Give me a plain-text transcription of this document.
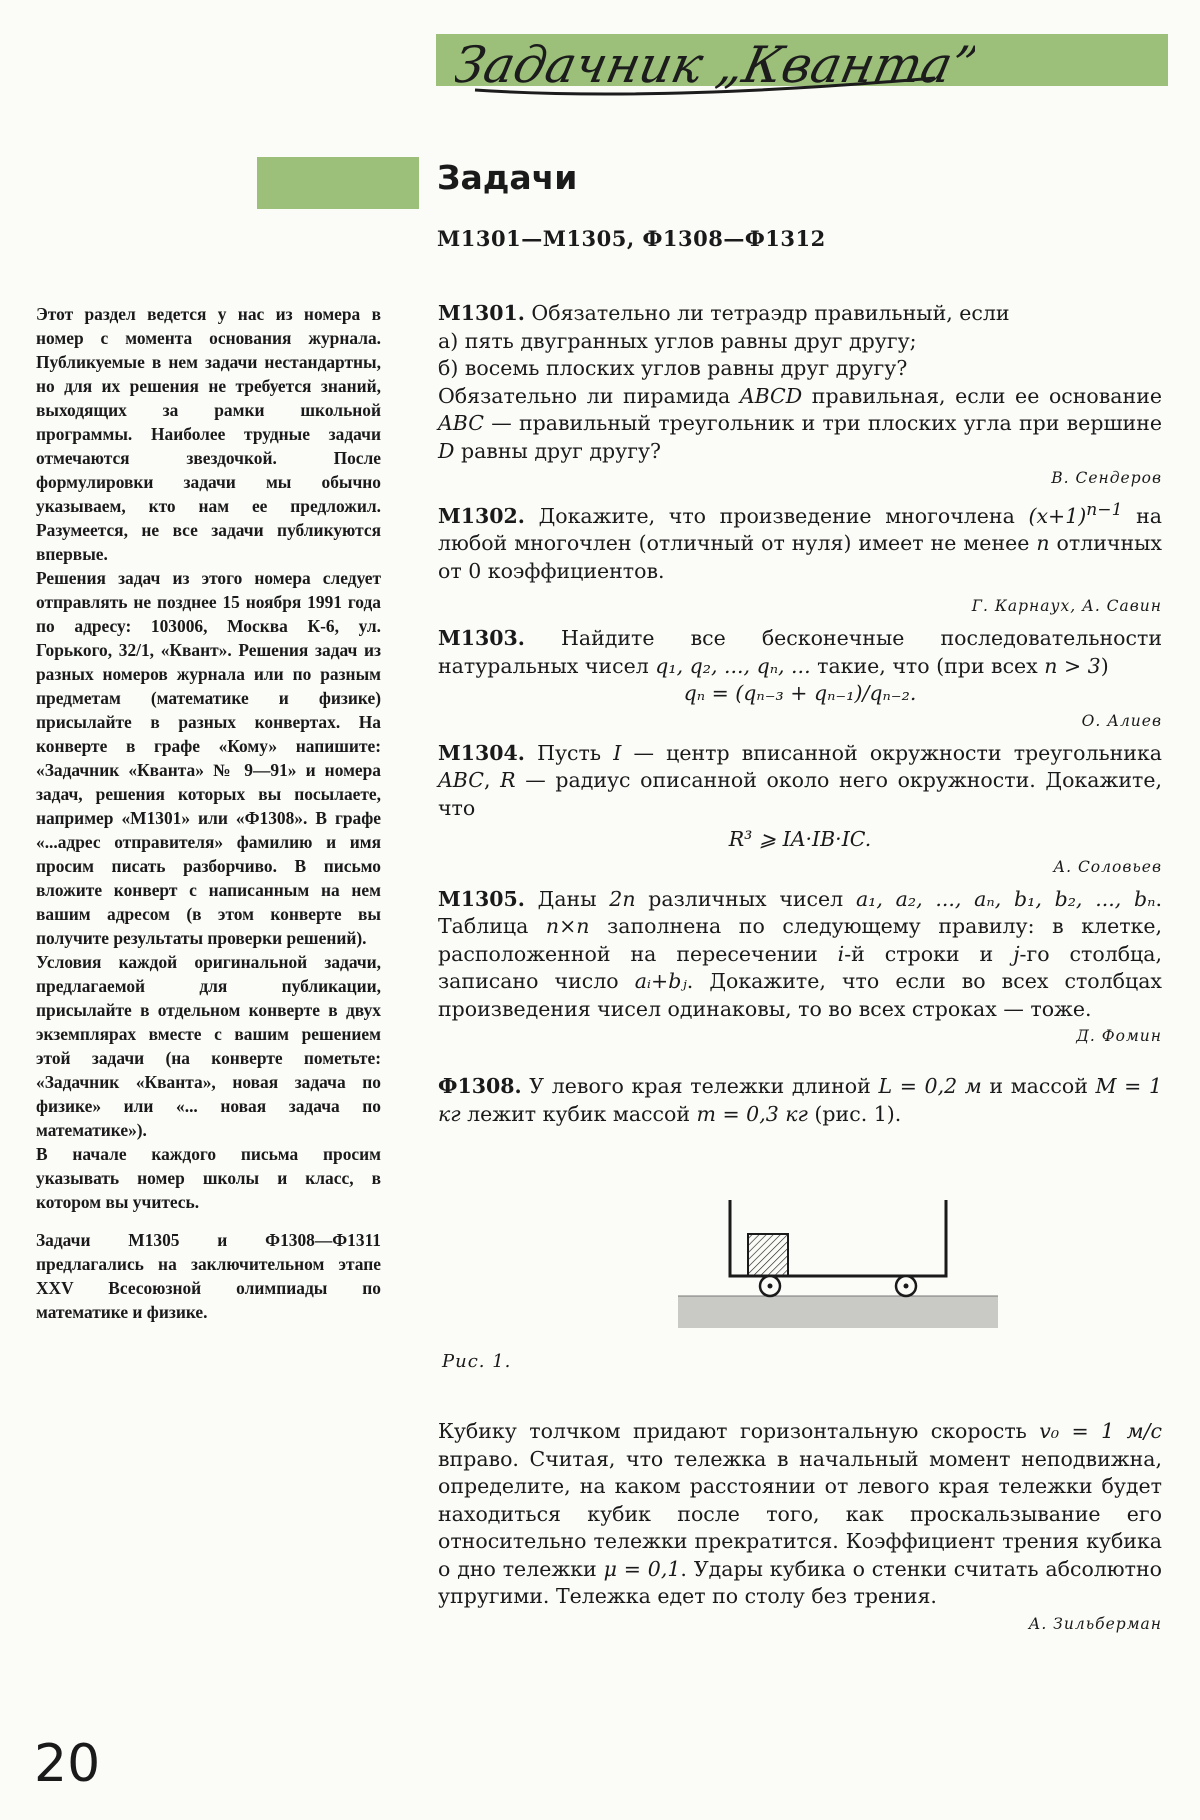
Задачник „Кванта”
Задачи
М1301—М1305, Ф1308—Ф1312

Этот раздел ведется у нас из номера в номер с момента основания журнала. Публикуемые в нем задачи нестандартны, но для их решения не требуется знаний, выходящих за рамки школьной программы. Наиболее трудные задачи отмечаются звездочкой. После формулировки задачи мы обычно указываем, кто нам ее предложил. Разумеется, не все задачи публикуются впервые.

Решения задач из этого номера следует отправлять не позднее 15 ноября 1991 года по адресу: 103006, Москва К-6, ул. Горького, 32/1, «Квант». Решения задач из разных номеров журнала или по разным предметам (математике и физике) присылайте в разных конвертах. На конверте в графе «Кому» напишите: «Задачник «Кванта» № 9—91» и номера задач, решения которых вы посылаете, например «М1301» или «Ф1308». В графе «...адрес отправителя» фамилию и имя просим писать разборчиво. В письмо вложите конверт с написанным на нем вашим адресом (в этом конверте вы получите результаты проверки решений).

Условия каждой оригинальной задачи, предлагаемой для публикации, присылайте в отдельном конверте в двух экземплярах вместе с вашим решением этой задачи (на конверте пометьте: «Задачник «Кванта», новая задача по физике» или «... новая задача по математике»).

В начале каждого письма просим указывать номер школы и класс, в котором вы учитесь.

Задачи М1305 и Ф1308—Ф1311 предлагались на заключительном этапе XXV Всесоюзной олимпиады по математике и физике.

М1301. Обязательно ли тетраэдр правильный, если

а) пять двугранных углов равны друг другу;

б) восемь плоских углов равны друг другу?

Обязательно ли пирамида ABCD правильная, если ее основание ABC — правильный треугольник и три плоских угла при вершине D равны друг другу?

В. Сендеров

М1302. Докажите, что произведение многочлена $(x+1)^{n-1}$ на любой многочлен (отличный от нуля) имеет не менее n отличных от 0 коэффициентов.

Г. Карнаух, А. Савин

М1303. Найдите все бесконечные последовательности натуральных чисел q₁, q₂, ..., qₙ, ... такие, что (при всех n > 3)

qₙ = (qₙ₋₃ + qₙ₋₁)/qₙ₋₂.

О. Алиев

М1304. Пусть I — центр вписанной окружности треугольника ABC, R — радиус описанной около него окружности. Докажите, что

R³ ⩾ IA·IB·IC.

А. Соловьев

М1305. Даны 2n различных чисел a₁, a₂, ..., aₙ, b₁, b₂, ..., bₙ. Таблица n×n заполнена по следующему правилу: в клетке, расположенной на пересечении i-й строки и j-го столбца, записано число aᵢ+bⱼ. Докажите, что если во всех столбцах произведения чисел одинаковы, то во всех строках — тоже.

Д. Фомин

Ф1308. У левого края тележки длиной L = 0,2 м и массой M = 1 кг лежит кубик массой m = 0,3 кг (рис. 1).

Рис. 1.

Кубику толчком придают горизонтальную скорость v₀ = 1 м/с вправо. Считая, что тележка в начальный момент неподвижна, определите, на каком расстоянии от левого края тележки будет находиться кубик после того, как проскальзывание его относительно тележки прекратится. Коэффициент трения кубика о дно тележки μ = 0,1. Удары кубика о стенки считать абсолютно упругими. Тележка едет по столу без трения.

А. Зильберман
20
